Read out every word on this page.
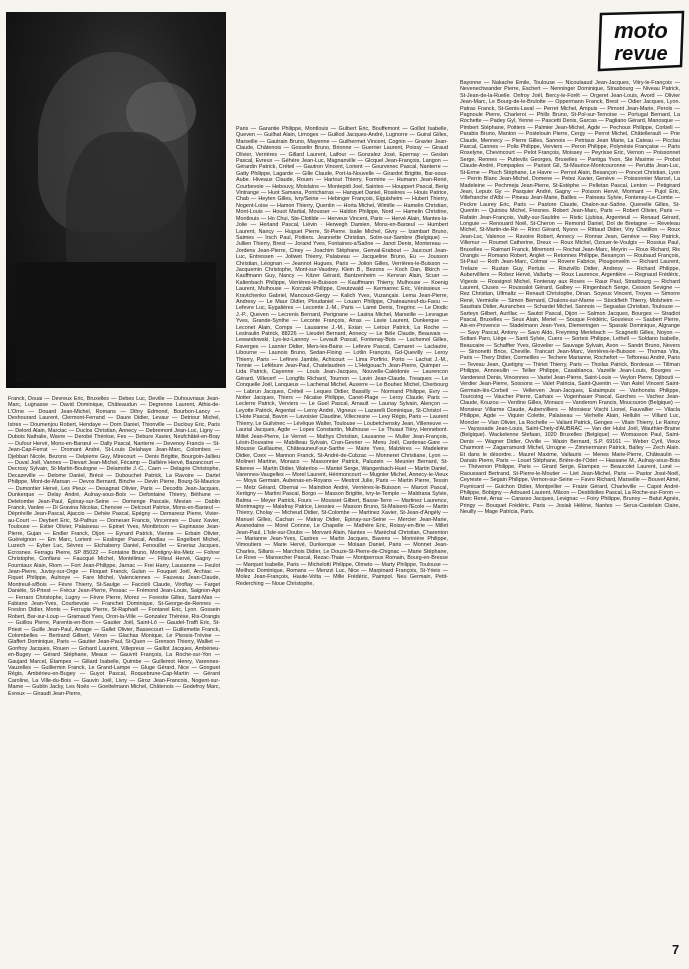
moto
revue

Franck, Douai — Devreux Eric, Bruxelles — Debes Luc, Deville — Duhouvriaux Jean-Marc, Lugnasse — David Dominique, Châteaudun — Degrenne Laurent, Athis-de-L'Orne — Douard Jean-Michel, Romans — Dihry Edmond, Bourbon-Lancy — Deshourard Laurent, Clermont-Ferrand — Daure Didier, Levaur — Detriour Michel, Istres — Doumenjou Robert, Hendaye — Dorn Daniel, Thionville — Duclouy Eric, Paris — Delord Alain, Marciac — Duclos Christian, Annecy — Debremont Jean-Luc, Ligny — Dubois Nathalie, Wavre — Derobé Thérèse, Fes — Debure Xavier, Neufchâtel-en-Bray — Dufour Hervé, Mons-en-Barœul — Dally Pascal, Nanterre — Devenoy Francis — St-Jean-Cap-Ferrat — Dromant André, St-Louis Delahaye Jean-Marc, Colombes — Djebbari Nicole, Bezons — Delpierre Guy, Mirecourt — Denis Brigitte, Bourgoin-Jallieu — Duval Joël, Vannes — Dievart Jean-Michel, Fécamp — Dallière Hervé, Bazancourt — Decrosy Sylvain, St-Martin-Boulogne — Delamotte J.-C., Caen — Delagrie Christophe, Decazeville — Delome Daniel, Brécé — Dubouchet Patrick, La Ravoire — Dartel Philippe, Mont-de-Marsan — Devos Bernard, Binche — Devin Pierre, Bourg-St-Maurice — Dumontier Hervé, Les Pieux — Desagnat Olivier, Paris — Decodts Jean-Jacques, Dunkerque — Delay André, Aulnay-sous-Bois — Defontaine Thierry, Béthune — Deletombe Jean-Paul, Épinay-sur-Seine — Domenge Pascale, Mevian — Dablin Franck, Vanlee — Di Gravina Nicolas, Chenove — Delcourt Patrice, Mons-en-Barœul — Dépréville Jean-Pascal, Ajaccio — Dehée Pascal, Epégny — Demaresz Pierre, Vivier-au-Court — Deybert Eric, St-Pathus — Dorneuer Francis, Vincennes — Duez Xavier, Toulouse — Estier Olivier, Palaiseau — Epinet Yves, Montbrison — Espinasse Jean-Pierre, Gujan — Endler Franck, Dijon — Eynard Patrick, Vienne — Erbain Olivier, Guéreignon — Em Marc, Lorient — Esslinger Pascal, Andlau — Engelbert Michel, Luzech — Eyber Luc, Sèvres — Etchaberry Daniel, Fenouillet — Eneriaz Jacques, Ecrosnes. Ferragu Pierre, SP 85022 — Fontaine Bruno, Montigny-lès-Metz — Fohrer Christophe, Confians — Faucqué Michel, Montélimar — Filleul Hervé, Gagny — Fourniaux Alain, Riom — Fort Jean-Philippe, Jarnac — Frei Harry, Lausanne — Feulot Jean-Pierre, Juvisy-sur-Orge — Floquet Franck, Gulan — Fouquet Joël, Archiac — Fiquet Philippe, Aulnoye — Fare Michel, Valenciennes — Fauveau Jean-Claude, Montreuil-s/Bois — Fèvre Thierry, St-Saulge — Faccioli Claude, Viroflay — Farget Danièle, St-Priest — Frécur Jean-Pierre, Pessac — Frémond Jean-Louis, Saignon-Apt — Ferraro Christophe, Lugny — Fèvre Pierre, Morez — Forestie Gilles, Saint-Max — Fabiano Jean-Yves, Courbevoie — Franchet Dominique, St-George-de-Rennes — Freslon Didier, Monts — Ferrugia Pierre, St-Raphaël — Fontanel Eric, Lyon. Gossein Robert, Bar-sur-Loup — Gramaud Yves, Oron-la-Ville — Gonzalez Thérèse, Ris-Orangis — Guillou Pierre, Parentis-en-Born — Gautier Joël, Saint-Lô — Gaudel-Traffi Eric, St-Priest — Guille Jean-Paul, Amage — Gallet Olivier, Bassecourt — Guillemette Franck, Colombelles — Bertrand Gilbert, Véron — Glachas Monique, Le Plessis-Trévise — Glaffert Dominique, Paris — Gautier Jean-Paul, St-Quen — Grenson Thierry, Walliet — Gonfroy Jacques, Rouen — Gohard Laurent, Villepreux — Gaillot Jacques, Ambérieu-en-Bugey — Gérard Stéphane, Meaux — Gauvrit François, La Roche-sur-Yon — Gaujard Marcel, Étampes — Gillard Isabelle, Quimbe — Guillemot Henry, Varennes-Vauzelles — Guillermin Franck, Le Grand-Lampe — Gluge Gérard, Nice — Gonguet Régis, Ambérieu-en-Bugey — Guyot Pascal, Roquebrune-Cap-Martin — Gérard Caroline, La Ville-du-Bois — Gauvin Joël, Livry — Giroz Jean-Francois, Nogent-sur-Marne — Gublin Jacky, Les Noës — Goettelmann Michel, Châtenois — Godefroy Marc, Evreux — Giraudt Jean-Pierre,

Paris — Garantie Philippe, Montlouis — Gulbert Eric, Bouffemont — Golliot Isabelle, Queven — Guilhat Alain, Limoges — Guillod Jacques-André, Lugnorre — Guiral Gilles, Marseille — Gautrain Bruno, Mayenne — Guilhermet Vincent, Cognin — Gravier Jean-Claude, Châtenois — Gosselin Bruno, Brionne — Guerrier Laurent, Poissy — Giraud Olivier, Verrières — Gillard Laurent, Laifour — Gonzalez José, Epernay — Geslan Pascal, Evreux — Géhère Jean-Luc, Magnanville — Glcquel Jean-François, Langon — Gérardin Patrick, Créteil — Gautron Vincent, Lorient — Gourvenec Pascal, Nanterre — Gatty Philippe, Lagarde — Gille Claude, Port-la-Nouvelle — Girardot Brigitte, Bar-sous-Aube. Hiveaux Claude, Rouen — Hartout Thierry, Formirie — Humann Jean-René, Courbevoie — Hebouvy, Moislains — Montepidi Joel, Saintes — Houppert Pascal, Berig Vintrange — Huot Samana, Pontcharras — Hanquet Daniel, Rosières — Houis Patrice, Chab — Heyten Gilles, Ivry/Seine — Hebinger François, Eiguisheim — Hubert Thierry, Nogent-Loise — Hamon Thierry, Quentin — Horta Michel, Wimille — Hamelin Christian, Mont-Louis — Houot Martial, Mousser — Haldon Philippe, Nord — Hamelin Christine, Montlouis — Ho Chui, Ste-Clotilde — Herveux Vincent, Paris — Hervé Alain, Mantes-la-Jolie — Herland Pascal, Liévin · Herwegh Damien, Mons-en-Barœul — Humbert Laurent, Nancy — Huguet Pierre, St-Pierre. Isalie Michel, Givry — Izambart Bruno, Saimes — Irsch Paul, Poitiers. Jeannette Christian, Solre-sur-Sambre (Belgique) — Jullien Thierry, Brest — Jorand Yves, Fontaines-s/Saône — Janot Denis, Montereau — Jordens Jean-Pierre, Ciney — Joachim Stéphane, Genval-Erabout — Jaucourt Jean-Luc, Entressen — Joliwet Thierry, Palaiseau — Jacqueline Bruno, Eu — Jousson Christian, Léognan — Jeannot Hugues, Paris — Jolion Gilles, Verrières-le-Buisson — Jacquemin Christophe, Mont-sur-Vaudrey. Klein B., Bezons — Koch Dan, Illkirch — Kauffmann Guy, Nancy — Kitzer Gérard, Bantzenheim — Kervran Alain, Scuer — Kaltenbach Philippe, Verrières-le-Buisson — Kauffmann Thierry, Mulhouse — Koenig Laurent, Mulhouse — Korczak Philippe, Creutzwald — Kermarrec Eric, Vénissieux — Kravtchenko Gabriel, Mancouxt-Gergy — Kalich Yves, Vuzançais. Lema Jean-Pierre, Andresy — Le Maur Didier, Ploudaniel — Louarn Philippe, Chateauneuf-du-Faou — Lefevre Luc, Eygalières — Lecomte J.-M., Paris — Lamé Denis, Tregrinc — Le Diodic J.-P., Queven — Lecrenis Bernard, Perignane — Lasina Michel, Marseille — Levrague Yves, Grande-Synthe — Leconte François, Arras — Lavie Laurent, Dunkerque — Leconet Alain, Comps — Lausanne J.-M., Exian — Letour Patrick, La Roche — Lestraulin Patrick, 88226 — Lieudet Bernard, Annecy — Le Béle Claude, Beauvais — Lewandowski, Lys-lez-Lannoy — Levault Pascal, Fontenay-Bois — Lachemol Gilles, Faverges — Lasnier Didier, Mers-les-Bains — Lefevre Pascal, Camaret — Laclautre, Libourne — Launois Bruno, Sedan-Floing — Lotlin François, Gd-Quevilly — Leroy Thierry, Paris — Lefèvre Jamble, Achicourt — Lima Porfirio, Porto — Lachat J.-M., Tennie — Lefèbure Jean-Paul, Chatelaudren — L'Helgouac'h Jean-Pierre, Quimper — Lida Patrick, Cayenne — Louis Jean-Jacques, Nouvelle-Calédonie — Laurencon Gérard, Villecerf — Longfils Richard, Tournon — Lavin Jean-Claude, Treaques — Le Conquelle Joël, Lanqueux — Lachenal Michel, Auxerre — Le Bouhec Michel, Cherbourg — Labrun Jacques, Créteil — Leques Didier, Bassilly — Normand Philippe, Evry — Notter Jacques, Thiers — Nicaise Philippe, Canet-Plage — Leroy Claude, Paris — Leclerre Patrick, Verviers — Le Guel Pascal, Arnault — Launay Sylvain, Alençon — Leyotte Patrick, Argentat — Leroy André, Vigneux — Lazarelli Dominique, St-Christol — L'Hote Pascal, Bavon — Lavoisier Claudine, Villecresne — Levy Régis, Paris — Laurent Thierry, Le Guilvinec — Lévêque Walter, Toulouse — Loubetchensky Jean, Villeneuve — Laurial Jacques, Agde — Lopes Constantin, Mulhouse — Le Thuaut Tièry, Hennebont. Millet Jean-Pierre, Le Vernet — Mathys Christian, Lausanne — Muller Jean-François, Lésin-Douvaine — Mabilleau Sylvain, Cran-Gevrier — Menu Joël, Cardenac-Gare — Mousse Guillaume, Châteauneuf-sur-Sarthe — Maire Yves, Malzières — Madeleine Didier, Coex — Mannon Franck, St-André-de-Cubzac — Monneret Christiane, Lyon — Molineri Martine, Monaco — Massonnier Patrick, Paluzein — Meunier Bernard, St-Etienne — Martin Didier, Waterloo — Mantel Serge, Wangenbach-Huet — Martin Daniel, Varennes-Vaugelles — Morel Laurent, Hérimoncourt — Mugnier Michel, Annecy-le-Vieux — Moya Germain, Aubenas-en-Royans — Mestrot Julie, Paris — Martin Pierre, Tessin — Metz Gérard, Obernai — Maindron André, Verrières-le-Buisson — Marcot Pascal, Xertigny — Martini Pascal, Borgo — Masson Brigitte, Ivry-le-Temple — Maldrana Sylvie, Balma — Meyer Patrick, Fours — Mousset Gilbert, Basse-Terre — Martinez Laurence, Montmagny — Malafray Patrice, Liessies — Masson Bruno, St-Maixent-l'Ecole — Martin Thierry, Cholay — Micheud Didier, St-Colombe — Martinez Xavier, St-Jean-d'Angély — Manuel Gilles, Cachan — Matray Didier, Epinay-sur-Seine — Mercier Jean-Marie, Avanedaine — Morel Corinne, Le Chapelle — Mathère Eric, Roissy-en-Brie — Millet Jean-Paul, L'Isle-sur-Doubs — Morvant Alain, Nantes — Maréchal Christian, Charenton — Marianne Jean-Yves, Castres — Marlin Jacques, Bavens — Morinière Philippe, Vimoutiers — Marie Hervé, Dunkerque — Molaan Daniel, Paris — Monnet Jean-Charles, Sillans — Marchois Didier, Le Douze-St-Pierre-de-Chignac — Marie Stéphane, Le Rove — Mansecher Pascal, Rezac-Thaie — Montperroux Romain, Bourg-en-Bresse — Marquet Isabelle, Paris — Michelotti Philippe, Olmeto — Marty Philippe, Toulouse — Meilhoc Dominique, Romans — Menzzi Luc, Nice — Marpinard François, St-Yrieix — Molez Jean-François, Haute-Volta — Mille Frédéric, Paimpol. Neu Germain, Petit-Rederching — Noue Christophe,

Bayonne — Nakache Emile, Toulouse — Nicoulaaud Jean-Jacques, Vitry-le-François — Nevenechwander Pierre, Eschert — Nenninger Dominique, Strasbourg — Niveau Patrick, St-Jean-de-la-Ruelle. Onfroy Joël, Bercy-le-Forêt — Orgeret Jean-Louis, Avord — Olivier Jean-Marc, Le Bourg-de-le-Brulotte — Oppermann Franck, Brest — Odier Jacques, Lyon. Patras Franck, St-Genis-Laval — Perret Michel, Ampuis — Pimont Jean-Marie, Perols — Pagnoule Pierre, Charleroi — Phills Bruno, St-Pol-sur-Ternoise — Portugal Bernard, La Rochette — Padey Gyl, Yenne — Pascetti Denis, Garcas — Pagliano Gérard, Manosque — Pimbert Stéphane, Poitiers — Palmier Jean-Michel, Agde — Pechoux Philippe, Corbell — Parabis Bruno, Manton — Postelouin Pierre, Cergy — Perrot Michel, Châtellerault — Prie Claude, Mennecy — Pierre Gilles, Sannois — Petriaux Jean Marie, La Cateau — Picclau Pascal, Cannes — Polis Philippe, Verviers — Peron Philippe, Polynésie Française — Paris Roselyne, Chevincourt — Pelot François, Moissey — Peyrisse Eric, Vernon — Poissonnet Serge, Rennes — Puttevils Georges, Bruxelles — Pantiga Yvon, Ste Maxime — Probst Claude-André, Pompaples — Parisot Gil, St-Maurice-Montcouronne — Peruitta Jean-Luc, St-Erme — Pisch Stéphane, Le Havre — Pernot Alain, Besançon — Poncet Christian, Lyon — Perrin Blanc Jean-Michel, Domene — Petez Xavier, Genève — Poissonnier Marcel, La Madeleine — Pechmeja Jean-Pierre, St-Estèphe — Pelletan Pascal, Lenton — Petigirard Jean, Lepuix Gy — Pasquier André, Gagny — Poisson Hervé, Mormant — Pujol Eric, Villefranche d'Albi — Pineau Jean-Marie, Bailles — Paineau Sylvie, Fontenay-Le-Comte — Peckre Laurey Eric, Paris — Pastore Claude, Chalon-sur-Saône. Quenelle Gilles, St-Quentin — Quiniou Michel, Fresnes. Robert Jean-Marc, Paris — Robert Olivier, Paris — Rafatin Jean-François, Vailly-sur-Sauldre — Ristic Ljubisa, Argenteuil — Renaud Gérard, Longuie — Renouard Noël, St-Cheron — Remond Daniel, Dol de Bretagne — Reveleau Michel, St-Martin-de-Ré — Rinci Gérard, Nyons — Rittaud Didier, Viry Chatillon — Roux Jean-Luc, Valence — Ravoire Robert, Annecy — Ronnar Jean, Genève — Rey Patrick, Villemur — Roumet Catherine, Dreux — Roux Michel, Ozouer-le-Voulgis — Rossius Paul, Bruxelles — Raimart Franck, Miremont — Rochat Jean-Marc, Meyrin — Roux Richard, Ris Orangis — Romano Robert, Anglet — Retonnes Philippe, Besançon — Roubaud François, St-Paul — Roth Jean-Marc, Colmar — Rovere Fabrice, Plougonvelin — Richard Laurent, Trelaze — Rustan Guy, Pertuis — Rinzivillo Didier, Andresy — Richard Philippe, Aubervilliers — Robez Hervé, Vallarby — Roux Laurence, Argentière — Regnaud Frédéric, Vigeois — Rossignol Michel, Fontenay aux Roses — Raux Paul, Strasbourg — Richard Laurent, Cluses — Roussalot Gérard, Galbey — Ringenbach Serge, Cesson Sevigne — Rez Christian, Ulfmaltz — Renault Christophe, Dinan. Soyeux Vincent, Troyes — Simorre René, Vermiolle — Simon Bernard, Chalons-sur-Marne — Stockfleth Thierry, Molsheim — Saudrais Didier, Auranches — Schardel Michel, Sannois — Segualas Christian, Toulouse — Sarteys Gilbert, Aurillac — Sautot Pascal, Dijon — Salmon Jacques, Bourges — Stradiot Pascal, Bruxelles — Seux Alain, Meriel — Souque Frédéric, Gouvieux — Saubert Pierre, Aix-en-Provence — Stadelmann Jean-Yves, Diemeringen — Spasski Dominique, Algrange — Savy Pascal, Antony — Savo Aldo, Freyming Merlebach — Scagnetti Gilles, Noyon — Soltani Paro, Liège — Santi Sylvie, Cuers — Sorteix Philippe, Lethell — Soldano Isabelle, Beaucaire — Schaffter Yves, Glovelier — Sauvage Sylvain, Avon — Sandri Bruno, Nevers — Simonetti Brice, Cheville. Trancart Jean-Marc, Verrières-le-Buisson — Thomas Vita, Paris — Thery Didier, Cormeilles — Techere Marianne, Rochefort — Teftoreau André, Paris — Teveau Jean, Quetigny — Thiriet Thierry, Paris — Thoilas Patrick, Bordeaux — Tillman Philippe, Annoeullin — Tellier Philippe, Casablanca. Vazeille Jean-Louis, Bourges — Vandenest Denis, Vincennes — Vastel Jean-Pierre, Saint-Louis — Veylon Pierre, Djibouti — Verdier Jean-Pierre, Soissons — Valet Patricia, Saint-Quentin — Van Astel Vincent Saint-Germain-lès-Corbeil — Vellerven Jean-Jacques, Estaimpuis — Vanhonsta Philippe, Tourcoing — Vaucher Pierre, Carhaix — Vogenhauer Pascal, Garches — Vachez Jean-Claude, Kouzou — Verdino Gilles, Monaco — Vanderom Francis, Moucouron (Belgique) — Monsieur Villarme Claude, Aubervilliers — Monsieur Vischi Lionel, Fauvallier — Vilacla Philippe, Agde — Viquier Colette, Palaiseau — Verhelle Alain, Hellulin — Villard Luc, Moncler — Vian Olivier, La Rochelle — Valiant Patrick, Genges — Vilain Thierry, Le Raincy — Vaysssade Jean-Louis, Saint-Chely-d'AUBRAC — Van der Hulst Joël, Wauthier-Braine (Belgique). Wackelenne Stefaan, 1020 Bruxelles (Belgique) — Womasson Paul, Saint-Denis — Wagner Didier, Ovville — Waxin Bernard, S.P. 69161 — Weber Cyril, Vieux Charmont — Zagarramurdi Michel, Urrugne — Zimmermann Patrick, Balley — Zech Alain. Et dans le désordre... Maurel Maxime, Vallauris — Menes Marie-Pierre, Châteaulin — Danais Pierre, Paris — Louet Stéphane, Brière-de-l'Odet — Hassane M., Aulnay-sous-Bois — Thévenon Philippe, Paris — Girard Serge, Étampes — Beaucolet Laurent, Luné — Raoussard Bertrand, St-Pierre-le-Moutier — Liet Jean-Michel, Paris — Pastor José-Noël, Ceyreste — Segain Philippe, Vernon-sur-Seine — Favro Richard, Marseille — Bouvet Aimé, Puynicard — Guichon Didier, Montpellier — Fraize Gérard, Charleville — Capot André-Philippe, Bobigny — Adouard Laurent, Mâcon — Desbliolles Pascal, La Roche-sur-Foron — Marc René, Arras — Carasso Jacques, Levignac — Foiry Philippe, Brunoy — Batut Agnès, Pringy — Bouquet Frédéric, Paris — Josiak Hélène, Nantes — Serus-Castelain Claire, Neuilly — Mage Patricia, Paris.

7
